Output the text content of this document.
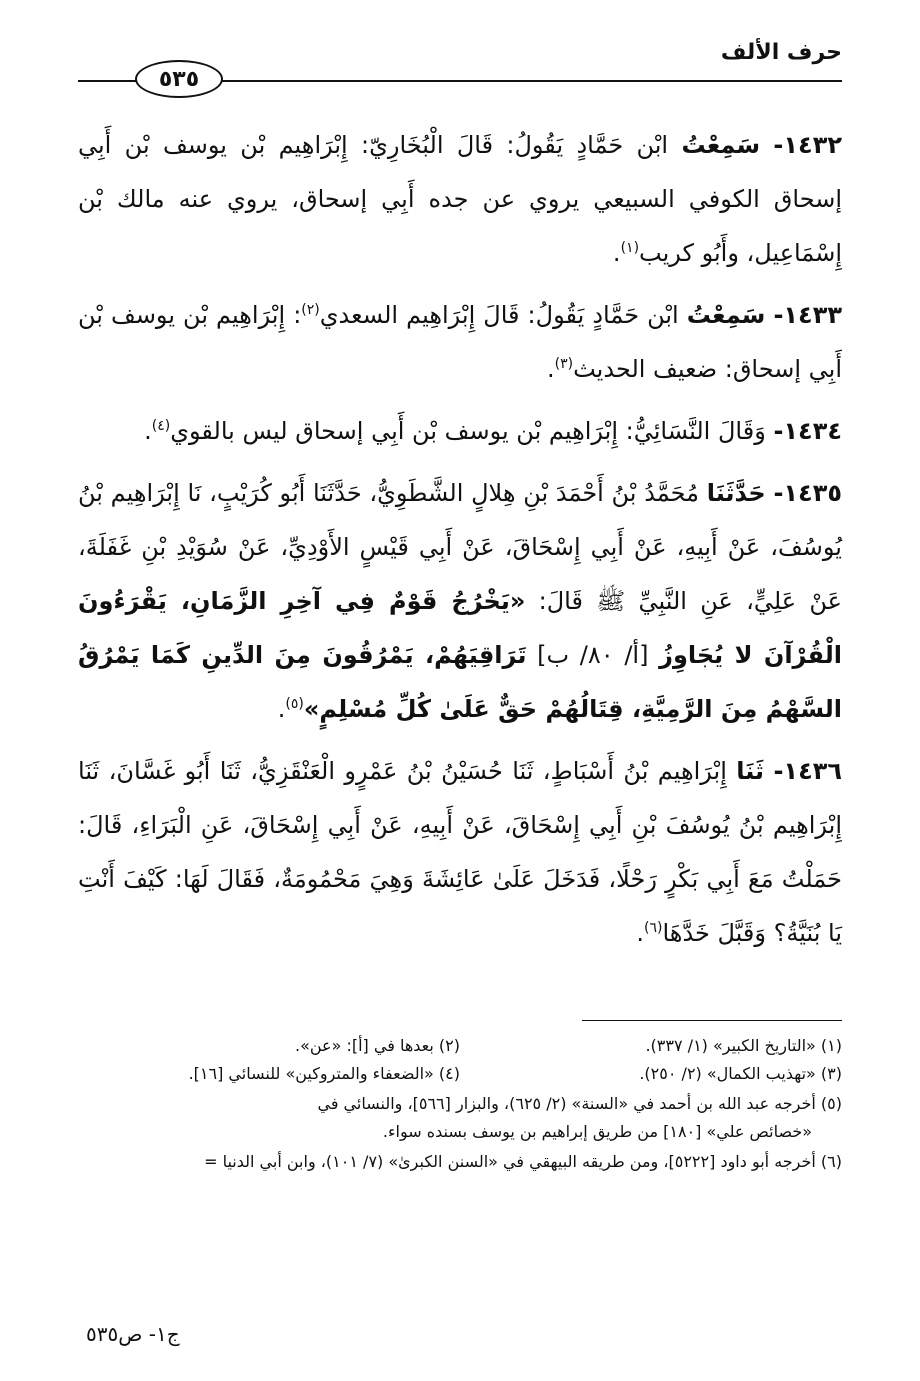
حرف الألف
٥٣٥

١٤٣٢- سَمِعْتُ ابْن حَمَّادٍ يَقُولُ: قَالَ الْبُخَارِيّ: إِبْرَاهِيم بْن يوسف بْن أَبِي إسحاق الكوفي السبيعي يروي عن جده أَبِي إسحاق، يروي عنه مالك بْن إِسْمَاعِيل، وأَبُو كريب$^{(١)}$.

١٤٣٣- سَمِعْتُ ابْن حَمَّادٍ يَقُولُ: قَالَ إِبْرَاهِيم السعدي$^{(٢)}$: إِبْرَاهِيم بْن يوسف بْن أَبِي إسحاق: ضعيف الحديث$^{(٣)}$.

١٤٣٤- وَقَالَ النَّسَائِيُّ: إِبْرَاهِيم بْن يوسف بْن أَبِي إسحاق ليس بالقوي$^{(٤)}$.

١٤٣٥- حَدَّثَنَا مُحَمَّدُ بْنُ أَحْمَدَ بْنِ هِلالٍ الشَّطَوِيُّ، حَدَّثَنَا أَبُو كُرَيْبٍ، نَا إِبْرَاهِيم بْنُ يُوسُفَ، عَنْ أَبِيهِ، عَنْ أَبِي إِسْحَاقَ، عَنْ أَبِي قَيْسٍ الأَوْدِيِّ، عَنْ سُوَيْدِ بْنِ غَفَلَةَ، عَنْ عَلِيٍّ، عَنِ النَّبِيِّ ﷺ قَالَ: «يَخْرُجُ قَوْمٌ فِي آخِرِ الزَّمَانِ، يَقْرَءُونَ الْقُرْآنَ لا يُجَاوِزُ [أ/ ٨٠/ ب] تَرَاقِيَهُمْ، يَمْرُقُونَ مِنَ الدِّينِ كَمَا يَمْرُقُ السَّهْمُ مِنَ الرَّمِيَّةِ، قِتَالُهُمْ حَقٌّ عَلَىٰ كُلِّ مُسْلِمٍ»$^{(٥)}$.

١٤٣٦- ثَنَا إِبْرَاهِيم بْنُ أَسْبَاطٍ، ثَنَا حُسَيْنُ بْنُ عَمْرٍو الْعَنْقَزِيُّ، ثَنَا أَبُو غَسَّانَ، ثَنَا إِبْرَاهِيم بْنُ يُوسُفَ بْنِ أَبِي إِسْحَاقَ، عَنْ أَبِيهِ، عَنْ أَبِي إِسْحَاقَ، عَنِ الْبَرَاءِ، قَالَ: حَمَلْتُ مَعَ أَبِي بَكْرٍ رَحْلًا، فَدَخَلَ عَلَىٰ عَائِشَةَ وَهِيَ مَحْمُومَةٌ، فَقَالَ لَهَا: كَيْفَ أَنْتِ يَا بُنَيَّةُ؟ وَقَبَّلَ خَدَّهَا$^{(٦)}$.

(١) «التاريخ الكبير» (١/ ٣٣٧).
(٢) بعدها في [أ]: «عن».
(٣) «تهذيب الكمال» (٢/ ٢٥٠).
(٤) «الضعفاء والمتروكين» للنسائي [١٦].
(٥) أخرجه عبد الله بن أحمد في «السنة» (٢/ ٦٢٥)، والبزار [٥٦٦]، والنسائي في
«خصائص علي» [١٨٠] من طريق إبراهيم بن يوسف بسنده سواء.
(٦) أخرجه أبو داود [٥٢٢٢]، ومن طريقه البيهقي في «السنن الكبرىٰ» (٧/ ١٠١)، وابن أبي الدنيا =
ج١- ص٥٣٥
